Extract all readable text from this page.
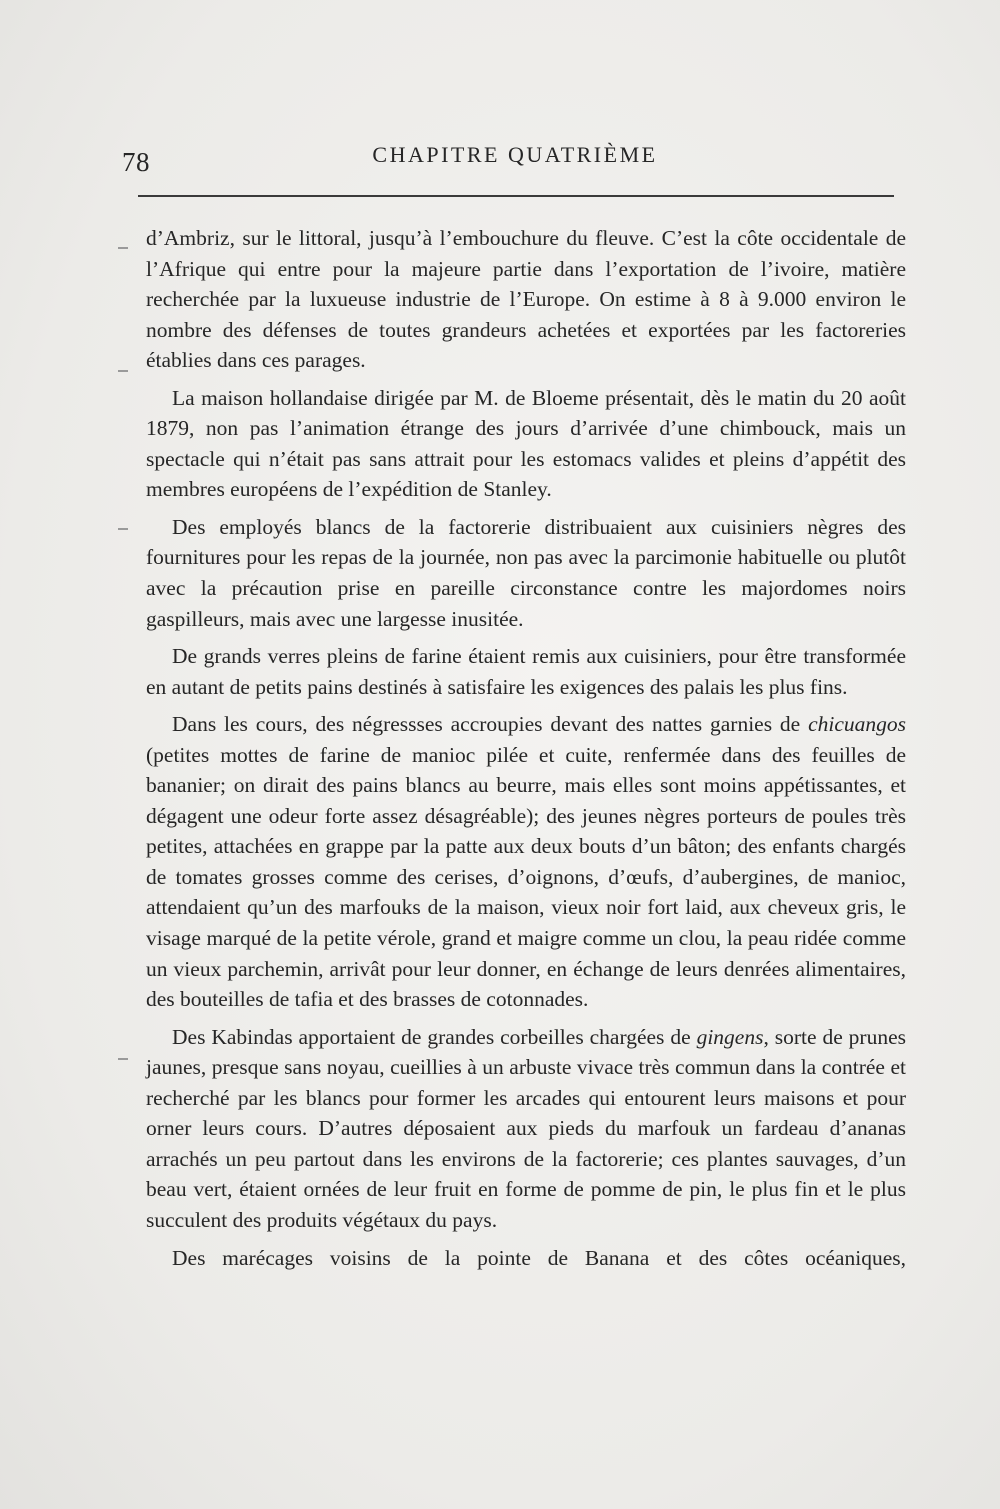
78	CHAPITRE QUATRIÈME

d’Ambriz, sur le littoral, jusqu’à l’embouchure du fleuve. C’est la côte occidentale de l’Afrique qui entre pour la majeure partie dans l’exportation de l’ivoire, matière recherchée par la luxueuse industrie de l’Europe. On estime à 8 à 9.000 environ le nombre des défenses de toutes grandeurs achetées et exportées par les factoreries établies dans ces parages.

La maison hollandaise dirigée par M. de Bloeme présentait, dès le matin du 20 août 1879, non pas l’animation étrange des jours d’arrivée d’une chimbouck, mais un spectacle qui n’était pas sans attrait pour les estomacs valides et pleins d’appétit des membres européens de l’expédition de Stanley.

Des employés blancs de la factorerie distribuaient aux cuisiniers nègres des fournitures pour les repas de la journée, non pas avec la parcimonie habituelle ou plutôt avec la précaution prise en pareille circonstance contre les majordomes noirs gaspilleurs, mais avec une largesse inusitée.

De grands verres pleins de farine étaient remis aux cuisiniers, pour être transformée en autant de petits pains destinés à satisfaire les exigences des palais les plus fins.

Dans les cours, des négressses accroupies devant des nattes garnies de chicuangos (petites mottes de farine de manioc pilée et cuite, renfermée dans des feuilles de bananier; on dirait des pains blancs au beurre, mais elles sont moins appétissantes, et dégagent une odeur forte assez désagréable); des jeunes nègres porteurs de poules très petites, attachées en grappe par la patte aux deux bouts d’un bâton; des enfants chargés de tomates grosses comme des cerises, d’oignons, d’œufs, d’aubergines, de manioc, attendaient qu’un des marfouks de la maison, vieux noir fort laid, aux cheveux gris, le visage marqué de la petite vérole, grand et maigre comme un clou, la peau ridée comme un vieux parchemin, arrivât pour leur donner, en échange de leurs denrées alimentaires, des bouteilles de tafia et des brasses de cotonnades.

Des Kabindas apportaient de grandes corbeilles chargées de gingens, sorte de prunes jaunes, presque sans noyau, cueillies à un arbuste vivace très commun dans la contrée et recherché par les blancs pour former les arcades qui entourent leurs maisons et pour orner leurs cours. D’autres déposaient aux pieds du marfouk un fardeau d’ananas arrachés un peu partout dans les environs de la factorerie; ces plantes sauvages, d’un beau vert, étaient ornées de leur fruit en forme de pomme de pin, le plus fin et le plus succulent des produits végétaux du pays.

Des marécages voisins de la pointe de Banana et des côtes océaniques,
